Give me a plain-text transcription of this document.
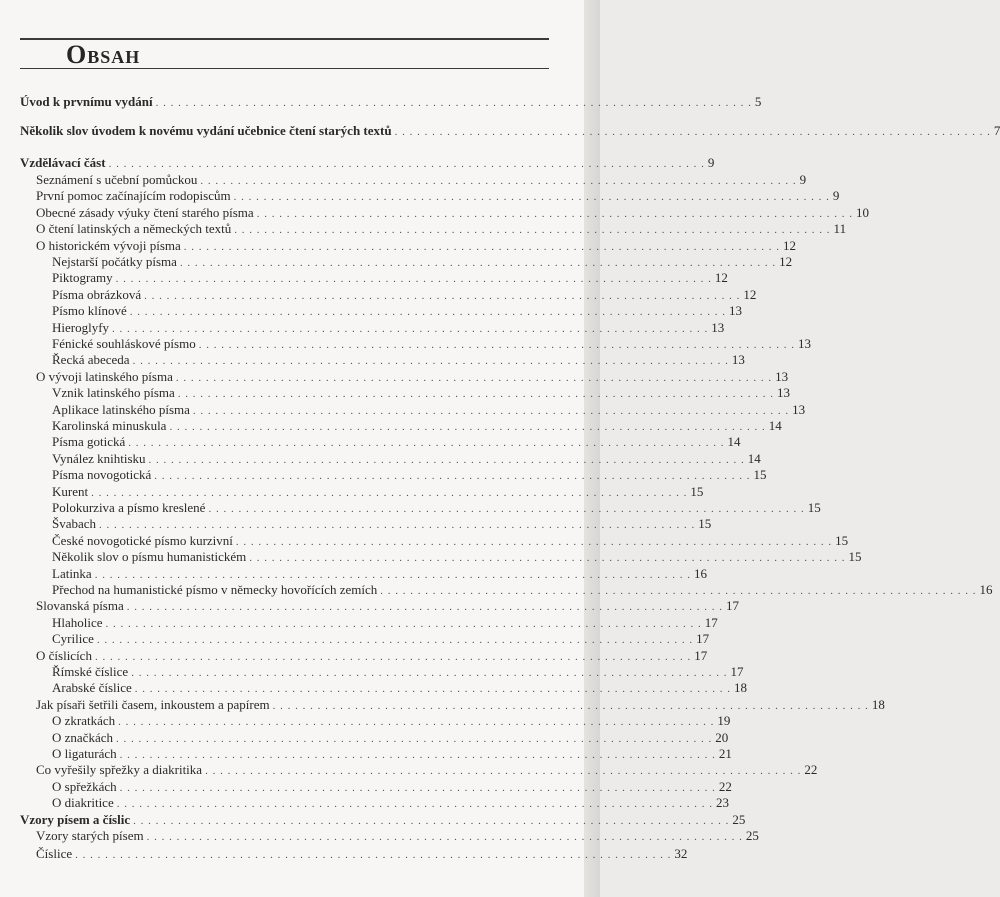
Obsah
Úvod k prvnímu vydání . . . . . . . . . . . . . . . . . . . . . . . . . . . . . . . . . . . . . . . . . . . . . . . . . . . . . . . . . . . . . . . . . . . . . . . . . . . . . . . . 5
Několik slov úvodem k novému vydání učebnice čtení starých textů . . . . . . . . . . . . . . . . . . . . . . . . . . . . . . . . . . . . . . . . . . . . . . . . . . . . . . . . . . . . . . . . . . . . . . . . . . . . . . . . 7
Vzdělávací část . . . . . . . . . . . . . . . . . . . . . . . . . . . . . . . . . . . . . . . . . . . . . . . . . . . . . . . . . . . . . . . . . . . . . . . . . . . . . . . . 9
Seznámení s učební pomůckou . . . . . . . . . . . . . . . . . . . . . . . . . . . . . . . . . . . . . . . . . . . . . . . . . . . . . . . . . . . . . . . . . . . . . . . . . . . . . . . . 9
První pomoc začínajícím rodopiscům . . . . . . . . . . . . . . . . . . . . . . . . . . . . . . . . . . . . . . . . . . . . . . . . . . . . . . . . . . . . . . . . . . . . . . . . . . . . . . . . 9
Obecné zásady výuky čtení starého písma . . . . . . . . . . . . . . . . . . . . . . . . . . . . . . . . . . . . . . . . . . . . . . . . . . . . . . . . . . . . . . . . . . . . . . . . . . . . . . . . 10
O čtení latinských a německých textů . . . . . . . . . . . . . . . . . . . . . . . . . . . . . . . . . . . . . . . . . . . . . . . . . . . . . . . . . . . . . . . . . . . . . . . . . . . . . . . . 11
O historickém vývoji písma . . . . . . . . . . . . . . . . . . . . . . . . . . . . . . . . . . . . . . . . . . . . . . . . . . . . . . . . . . . . . . . . . . . . . . . . . . . . . . . . 12
Nejstarší počátky písma . . . . . . . . . . . . . . . . . . . . . . . . . . . . . . . . . . . . . . . . . . . . . . . . . . . . . . . . . . . . . . . . . . . . . . . . . . . . . . . . 12
Piktogramy . . . . . . . . . . . . . . . . . . . . . . . . . . . . . . . . . . . . . . . . . . . . . . . . . . . . . . . . . . . . . . . . . . . . . . . . . . . . . . . . 12
Písma obrázková . . . . . . . . . . . . . . . . . . . . . . . . . . . . . . . . . . . . . . . . . . . . . . . . . . . . . . . . . . . . . . . . . . . . . . . . . . . . . . . . 12
Písmo klínové . . . . . . . . . . . . . . . . . . . . . . . . . . . . . . . . . . . . . . . . . . . . . . . . . . . . . . . . . . . . . . . . . . . . . . . . . . . . . . . . 13
Hieroglyfy . . . . . . . . . . . . . . . . . . . . . . . . . . . . . . . . . . . . . . . . . . . . . . . . . . . . . . . . . . . . . . . . . . . . . . . . . . . . . . . . 13
Fénické souhláskové písmo . . . . . . . . . . . . . . . . . . . . . . . . . . . . . . . . . . . . . . . . . . . . . . . . . . . . . . . . . . . . . . . . . . . . . . . . . . . . . . . . 13
Řecká abeceda . . . . . . . . . . . . . . . . . . . . . . . . . . . . . . . . . . . . . . . . . . . . . . . . . . . . . . . . . . . . . . . . . . . . . . . . . . . . . . . . 13
O vývoji latinského písma . . . . . . . . . . . . . . . . . . . . . . . . . . . . . . . . . . . . . . . . . . . . . . . . . . . . . . . . . . . . . . . . . . . . . . . . . . . . . . . . 13
Vznik latinského písma . . . . . . . . . . . . . . . . . . . . . . . . . . . . . . . . . . . . . . . . . . . . . . . . . . . . . . . . . . . . . . . . . . . . . . . . . . . . . . . . 13
Aplikace latinského písma . . . . . . . . . . . . . . . . . . . . . . . . . . . . . . . . . . . . . . . . . . . . . . . . . . . . . . . . . . . . . . . . . . . . . . . . . . . . . . . . 13
Karolinská minuskula . . . . . . . . . . . . . . . . . . . . . . . . . . . . . . . . . . . . . . . . . . . . . . . . . . . . . . . . . . . . . . . . . . . . . . . . . . . . . . . . 14
Písma gotická . . . . . . . . . . . . . . . . . . . . . . . . . . . . . . . . . . . . . . . . . . . . . . . . . . . . . . . . . . . . . . . . . . . . . . . . . . . . . . . . 14
Vynález knihtisku . . . . . . . . . . . . . . . . . . . . . . . . . . . . . . . . . . . . . . . . . . . . . . . . . . . . . . . . . . . . . . . . . . . . . . . . . . . . . . . . 14
Písma novogotická . . . . . . . . . . . . . . . . . . . . . . . . . . . . . . . . . . . . . . . . . . . . . . . . . . . . . . . . . . . . . . . . . . . . . . . . . . . . . . . . 15
Kurent . . . . . . . . . . . . . . . . . . . . . . . . . . . . . . . . . . . . . . . . . . . . . . . . . . . . . . . . . . . . . . . . . . . . . . . . . . . . . . . . 15
Polokurziva a písmo kreslené . . . . . . . . . . . . . . . . . . . . . . . . . . . . . . . . . . . . . . . . . . . . . . . . . . . . . . . . . . . . . . . . . . . . . . . . . . . . . . . . 15
Švabach . . . . . . . . . . . . . . . . . . . . . . . . . . . . . . . . . . . . . . . . . . . . . . . . . . . . . . . . . . . . . . . . . . . . . . . . . . . . . . . . 15
České novogotické písmo kurzivní . . . . . . . . . . . . . . . . . . . . . . . . . . . . . . . . . . . . . . . . . . . . . . . . . . . . . . . . . . . . . . . . . . . . . . . . . . . . . . . . 15
Několik slov o písmu humanistickém . . . . . . . . . . . . . . . . . . . . . . . . . . . . . . . . . . . . . . . . . . . . . . . . . . . . . . . . . . . . . . . . . . . . . . . . . . . . . . . . 15
Latinka . . . . . . . . . . . . . . . . . . . . . . . . . . . . . . . . . . . . . . . . . . . . . . . . . . . . . . . . . . . . . . . . . . . . . . . . . . . . . . . . 16
Přechod na humanistické písmo v německy hovořících zemích . . . . . . . . . . . . . . . . . . . . . . . . . . . . . . . . . . . . . . . . . . . . . . . . . . . . . . . . . . . . . . . . . . . . . . . . . . . . . . . . 16
Slovanská písma . . . . . . . . . . . . . . . . . . . . . . . . . . . . . . . . . . . . . . . . . . . . . . . . . . . . . . . . . . . . . . . . . . . . . . . . . . . . . . . . 17
Hlaholice . . . . . . . . . . . . . . . . . . . . . . . . . . . . . . . . . . . . . . . . . . . . . . . . . . . . . . . . . . . . . . . . . . . . . . . . . . . . . . . . 17
Cyrilice . . . . . . . . . . . . . . . . . . . . . . . . . . . . . . . . . . . . . . . . . . . . . . . . . . . . . . . . . . . . . . . . . . . . . . . . . . . . . . . . 17
O číslicích . . . . . . . . . . . . . . . . . . . . . . . . . . . . . . . . . . . . . . . . . . . . . . . . . . . . . . . . . . . . . . . . . . . . . . . . . . . . . . . . 17
Římské číslice . . . . . . . . . . . . . . . . . . . . . . . . . . . . . . . . . . . . . . . . . . . . . . . . . . . . . . . . . . . . . . . . . . . . . . . . . . . . . . . . 17
Arabské číslice . . . . . . . . . . . . . . . . . . . . . . . . . . . . . . . . . . . . . . . . . . . . . . . . . . . . . . . . . . . . . . . . . . . . . . . . . . . . . . . . 18
Jak písaři šetřili časem, inkoustem a papírem . . . . . . . . . . . . . . . . . . . . . . . . . . . . . . . . . . . . . . . . . . . . . . . . . . . . . . . . . . . . . . . . . . . . . . . . . . . . . . . . 18
O zkratkách . . . . . . . . . . . . . . . . . . . . . . . . . . . . . . . . . . . . . . . . . . . . . . . . . . . . . . . . . . . . . . . . . . . . . . . . . . . . . . . . 19
O značkách . . . . . . . . . . . . . . . . . . . . . . . . . . . . . . . . . . . . . . . . . . . . . . . . . . . . . . . . . . . . . . . . . . . . . . . . . . . . . . . . 20
O ligaturách . . . . . . . . . . . . . . . . . . . . . . . . . . . . . . . . . . . . . . . . . . . . . . . . . . . . . . . . . . . . . . . . . . . . . . . . . . . . . . . . 21
Co vyřešily spřežky a diakritika . . . . . . . . . . . . . . . . . . . . . . . . . . . . . . . . . . . . . . . . . . . . . . . . . . . . . . . . . . . . . . . . . . . . . . . . . . . . . . . . 22
O spřežkách . . . . . . . . . . . . . . . . . . . . . . . . . . . . . . . . . . . . . . . . . . . . . . . . . . . . . . . . . . . . . . . . . . . . . . . . . . . . . . . . 22
O diakritice . . . . . . . . . . . . . . . . . . . . . . . . . . . . . . . . . . . . . . . . . . . . . . . . . . . . . . . . . . . . . . . . . . . . . . . . . . . . . . . . 23
Vzory písem a číslic . . . . . . . . . . . . . . . . . . . . . . . . . . . . . . . . . . . . . . . . . . . . . . . . . . . . . . . . . . . . . . . . . . . . . . . . . . . . . . . . 25
Vzory starých písem . . . . . . . . . . . . . . . . . . . . . . . . . . . . . . . . . . . . . . . . . . . . . . . . . . . . . . . . . . . . . . . . . . . . . . . . . . . . . . . . 25
Číslice . . . . . . . . . . . . . . . . . . . . . . . . . . . . . . . . . . . . . . . . . . . . . . . . . . . . . . . . . . . . . . . . . . . . . . . . . . . . . . . . 32
